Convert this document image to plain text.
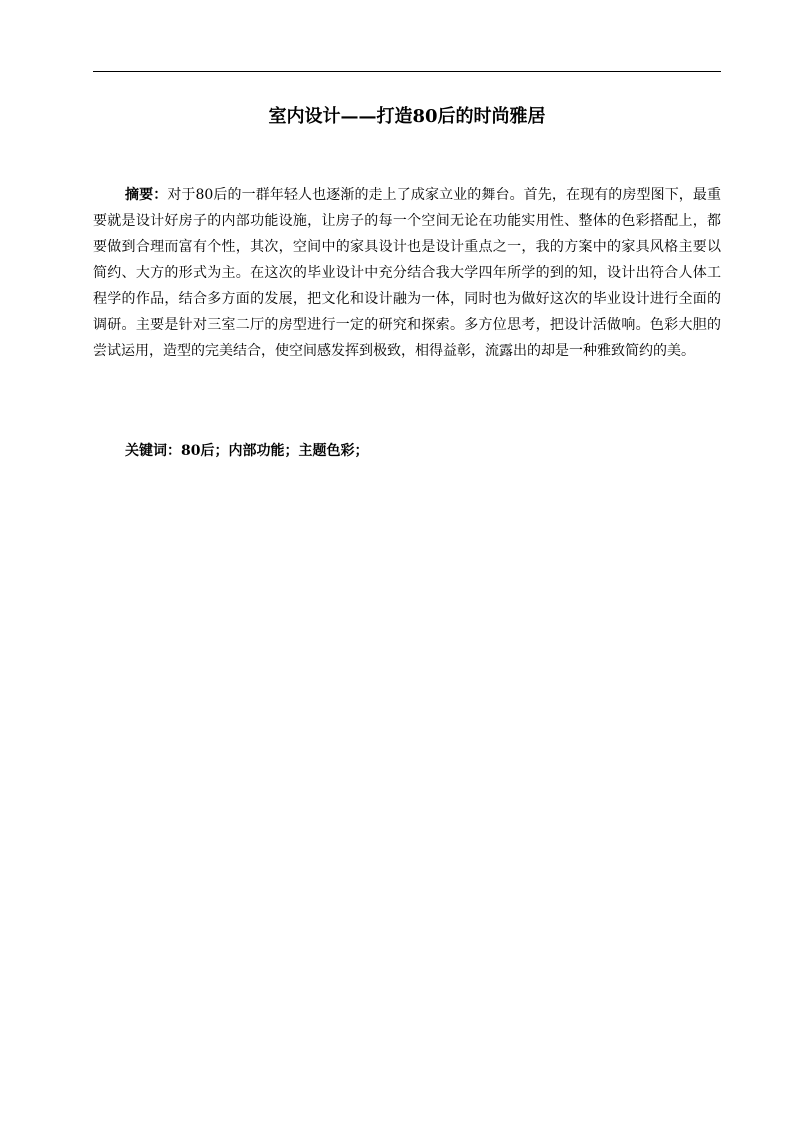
室内设计——打造80后的时尚雅居

摘要：对于80后的一群年轻人也逐渐的走上了成家立业的舞台。首先，在现有的房型图下，最重要就是设计好房子的内部功能设施，让房子的每一个空间无论在功能实用性、整体的色彩搭配上，都要做到合理而富有个性，其次，空间中的家具设计也是设计重点之一，我的方案中的家具风格主要以简约、大方的形式为主。在这次的毕业设计中充分结合我大学四年所学的到的知，设计出符合人体工程学的作品，结合多方面的发展，把文化和设计融为一体，同时也为做好这次的毕业设计进行全面的调研。主要是针对三室二厅的房型进行一定的研究和探索。多方位思考，把设计活做响。色彩大胆的尝试运用，造型的完美结合，使空间感发挥到极致，相得益彰，流露出的却是一种雅致简约的美。

关键词：80后；内部功能；主题色彩；
